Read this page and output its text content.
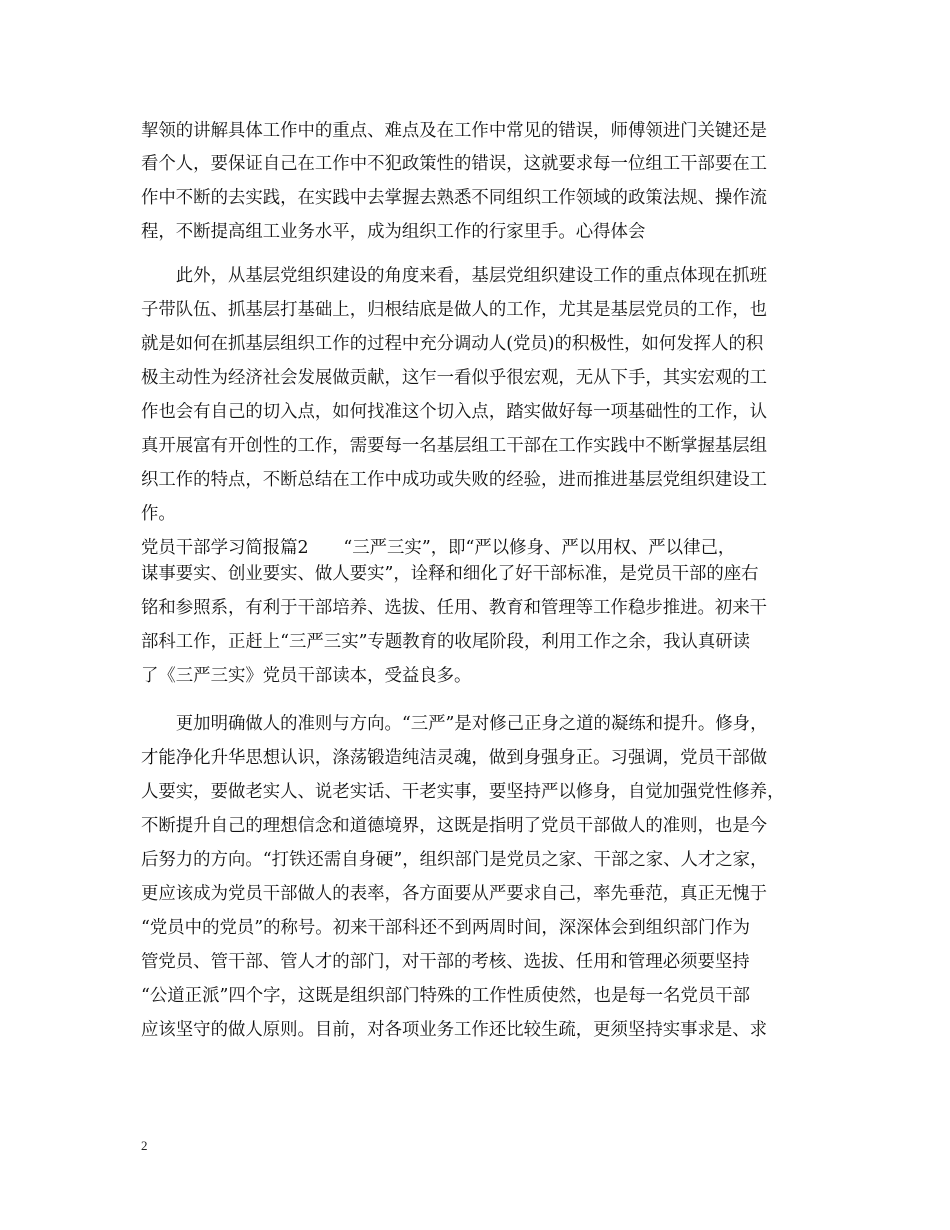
挈领的讲解具体工作中的重点、难点及在工作中常见的错误，师傅领进门关键还是
看个人，要保证自己在工作中不犯政策性的错误，这就要求每一位组工干部要在工
作中不断的去实践，在实践中去掌握去熟悉不同组织工作领域的政策法规、操作流
程，不断提高组工业务水平，成为组织工作的行家里手。心得体会
　　此外，从基层党组织建设的角度来看，基层党组织建设工作的重点体现在抓班
子带队伍、抓基层打基础上，归根结底是做人的工作，尤其是基层党员的工作，也
就是如何在抓基层组织工作的过程中充分调动人(党员)的积极性，如何发挥人的积
极主动性为经济社会发展做贡献，这乍一看似乎很宏观，无从下手，其实宏观的工
作也会有自己的切入点，如何找准这个切入点，踏实做好每一项基础性的工作，认
真开展富有开创性的工作，需要每一名基层组工干部在工作实践中不断掌握基层组
织工作的特点，不断总结在工作中成功或失败的经验，进而推进基层党组织建设工
作。
党员干部学习简报篇2　　“三严三实”，即“严以修身、严以用权、严以律己，
谋事要实、创业要实、做人要实”，诠释和细化了好干部标准，是党员干部的座右
铭和参照系，有利于干部培养、选拔、任用、教育和管理等工作稳步推进。初来干
部科工作，正赶上“三严三实”专题教育的收尾阶段，利用工作之余，我认真研读
了《三严三实》党员干部读本，受益良多。
　　更加明确做人的准则与方向。“三严”是对修己正身之道的凝练和提升。修身，
才能净化升华思想认识，涤荡锻造纯洁灵魂，做到身强身正。习强调，党员干部做
人要实，要做老实人、说老实话、干老实事，要坚持严以修身，自觉加强党性修养，
不断提升自己的理想信念和道德境界，这既是指明了党员干部做人的准则，也是今
后努力的方向。“打铁还需自身硬”，组织部门是党员之家、干部之家、人才之家，
更应该成为党员干部做人的表率，各方面要从严要求自己，率先垂范，真正无愧于
“党员中的党员”的称号。初来干部科还不到两周时间，深深体会到组织部门作为
管党员、管干部、管人才的部门，对干部的考核、选拔、任用和管理必须要坚持
“公道正派”四个字，这既是组织部门特殊的工作性质使然，也是每一名党员干部
应该坚守的做人原则。目前，对各项业务工作还比较生疏，更须坚持实事求是、求
2
